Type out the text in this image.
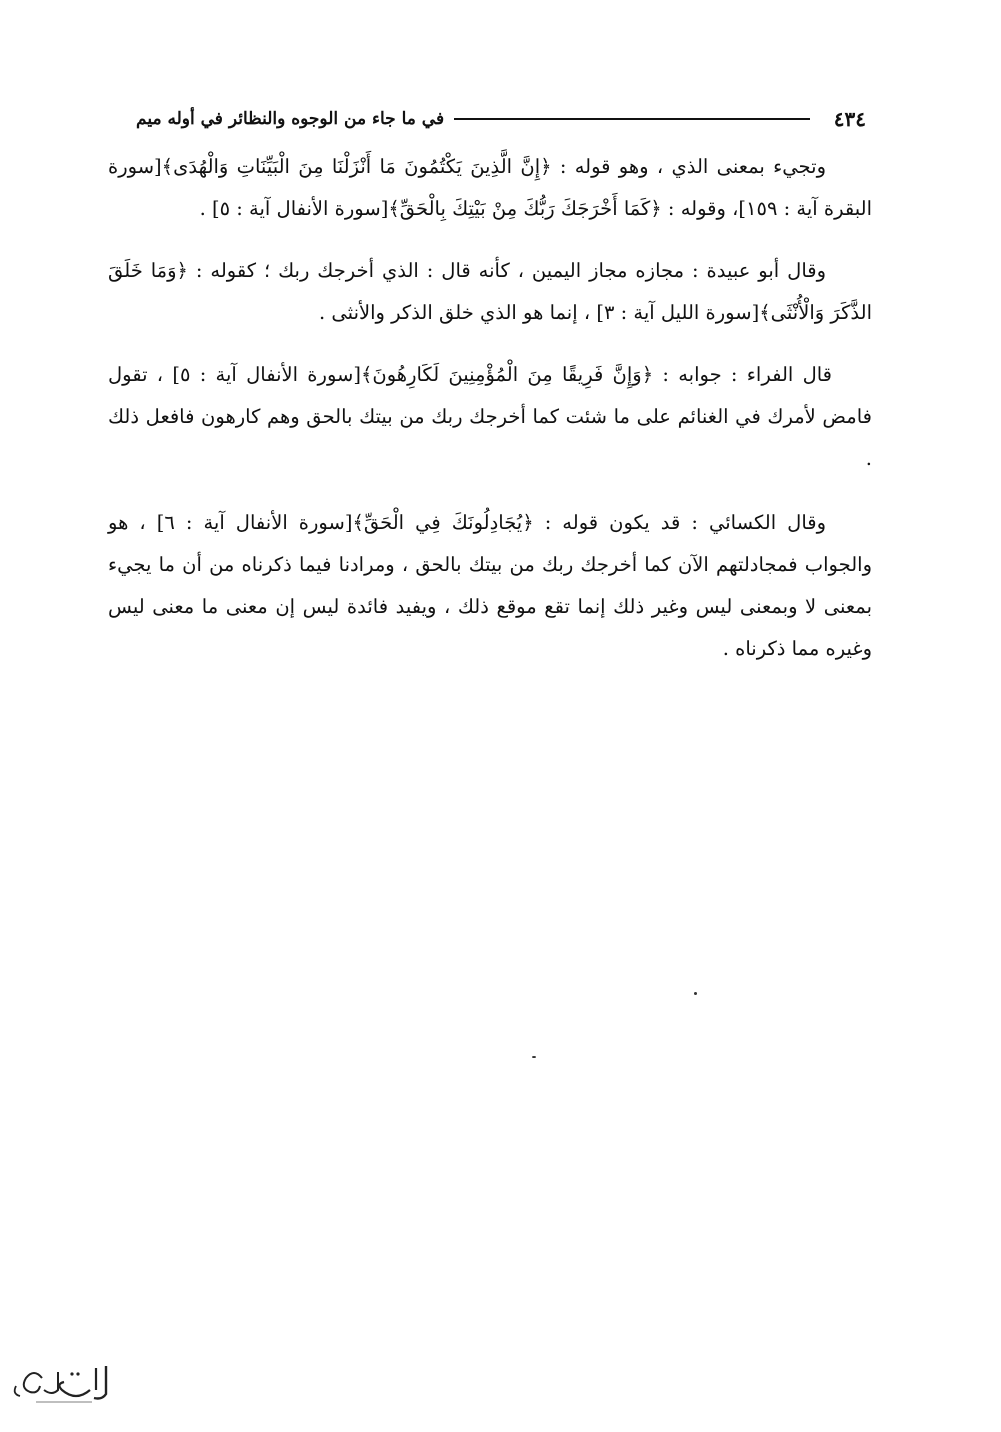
٤٣٤
في ما جاء من الوجوه والنظائر في أوله ميم

وتجيء بمعنى الذي ، وهو قوله : ﴿إِنَّ الَّذِينَ يَكْتُمُونَ مَا أَنْزَلْنَا مِنَ الْبَيِّنَاتِ وَالْهُدَى﴾[سورة البقرة آية : ١٥٩]، وقوله : ﴿كَمَا أَخْرَجَكَ رَبُّكَ مِنْ بَيْتِكَ بِالْحَقِّ﴾[سورة الأنفال آية : ٥] .

وقال أبو عبيدة : مجازه مجاز اليمين ، كأنه قال : الذي أخرجك ربك ؛ كقوله : ﴿وَمَا خَلَقَ الذَّكَرَ وَالْأُنْثَى﴾[سورة الليل آية : ٣] ، إنما هو الذي خلق الذكر والأنثى .

قال الفراء : جوابه : ﴿وَإِنَّ فَرِيقًا مِنَ الْمُؤْمِنِينَ لَكَارِهُونَ﴾[سورة الأنفال آية : ٥] ، تقول فامض لأمرك في الغنائم على ما شئت كما أخرجك ربك من بيتك بالحق وهم كارهون فافعل ذلك .

وقال الكسائي : قد يكون قوله : ﴿يُجَادِلُونَكَ فِي الْحَقِّ﴾[سورة الأنفال آية : ٦] ، هو والجواب فمجادلتهم الآن كما أخرجك ربك من بيتك بالحق ، ومرادنا فيما ذكرناه من أن ما يجيء بمعنى لا وبمعنى ليس وغير ذلك إنما تقع موقع ذلك ، ويفيد فائدة ليس إن معنى ما معنى ليس وغيره مما ذكرناه .
